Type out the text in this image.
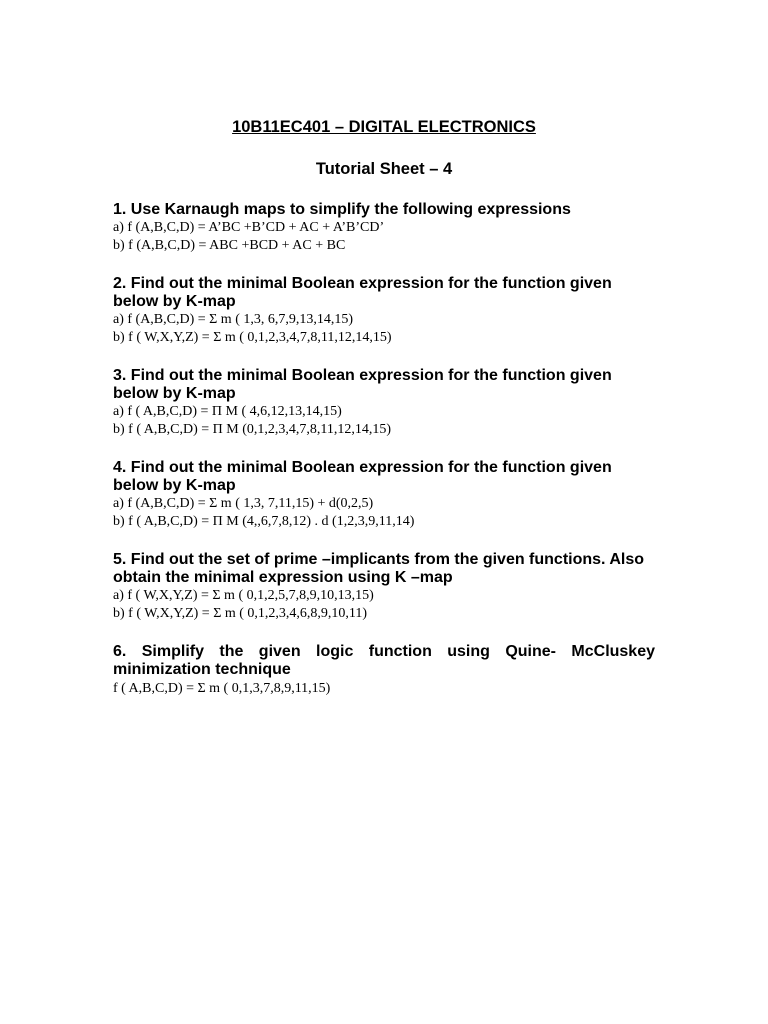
10B11EC401 – DIGITAL ELECTRONICS
Tutorial Sheet – 4
1. Use Karnaugh maps to simplify the following expressions
a) f (A,B,C,D) = A’BC +B’CD + AC + A’B’CD’
b) f (A,B,C,D) = ABC +BCD + AC + BC
2. Find out the minimal Boolean expression for the function given
below by K-map
a) f (A,B,C,D) = Σ m ( 1,3, 6,7,9,13,14,15)
b) f ( W,X,Y,Z) = Σ m ( 0,1,2,3,4,7,8,11,12,14,15)
3. Find out the minimal Boolean expression for the function given
below by K-map
a) f ( A,B,C,D) = Π M ( 4,6,12,13,14,15)
b) f ( A,B,C,D) = Π M (0,1,2,3,4,7,8,11,12,14,15)
4. Find out the minimal Boolean expression for the function given
below by K-map
a) f (A,B,C,D) = Σ m ( 1,3, 7,11,15) + d(0,2,5)
b) f ( A,B,C,D) = Π M (4,,6,7,8,12) . d (1,2,3,9,11,14)
5. Find out the set of prime –implicants from the given functions. Also
obtain the minimal expression using K –map
a) f ( W,X,Y,Z) = Σ m ( 0,1,2,5,7,8,9,10,13,15)
b) f ( W,X,Y,Z) = Σ m ( 0,1,2,3,4,6,8,9,10,11)
6. Simplify the given logic function using Quine- McCluskey
minimization technique
f ( A,B,C,D) = Σ m ( 0,1,3,7,8,9,11,15)
